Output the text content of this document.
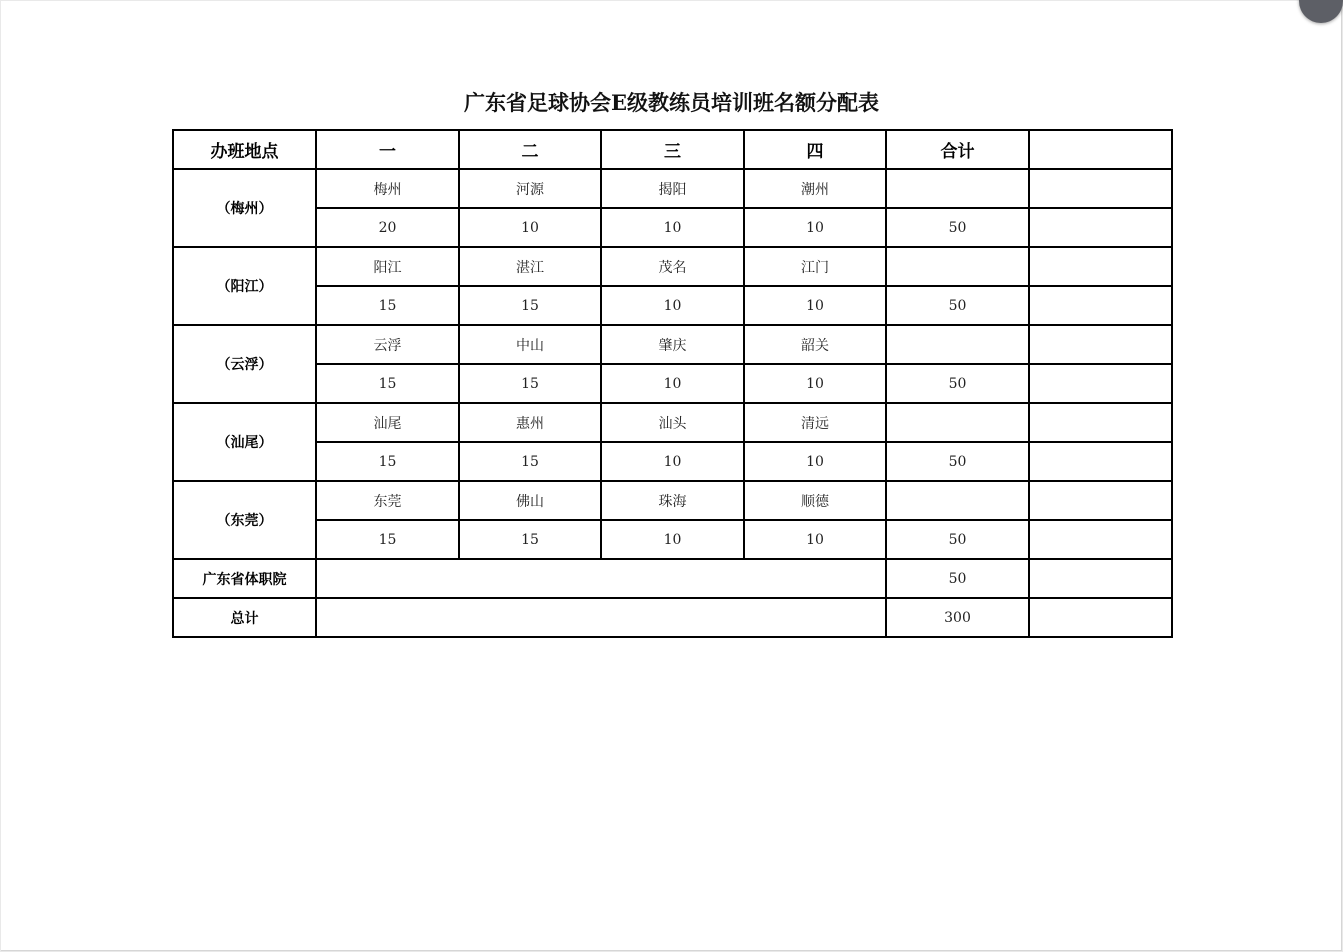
广东省足球协会E级教练员培训班名额分配表
办班地点	一	二	三	四	合计	
（梅州）	梅州	河源	揭阳	潮州		
	20	10	10	10	50	
（阳江）	阳江	湛江	茂名	江门		
	15	15	10	10	50	
（云浮）	云浮	中山	肇庆	韶关		
	15	15	10	10	50	
（汕尾）	汕尾	惠州	汕头	清远		
	15	15	10	10	50	
（东莞）	东莞	佛山	珠海	顺德		
	15	15	10	10	50	
广东省体职院					50	
总计					300	
